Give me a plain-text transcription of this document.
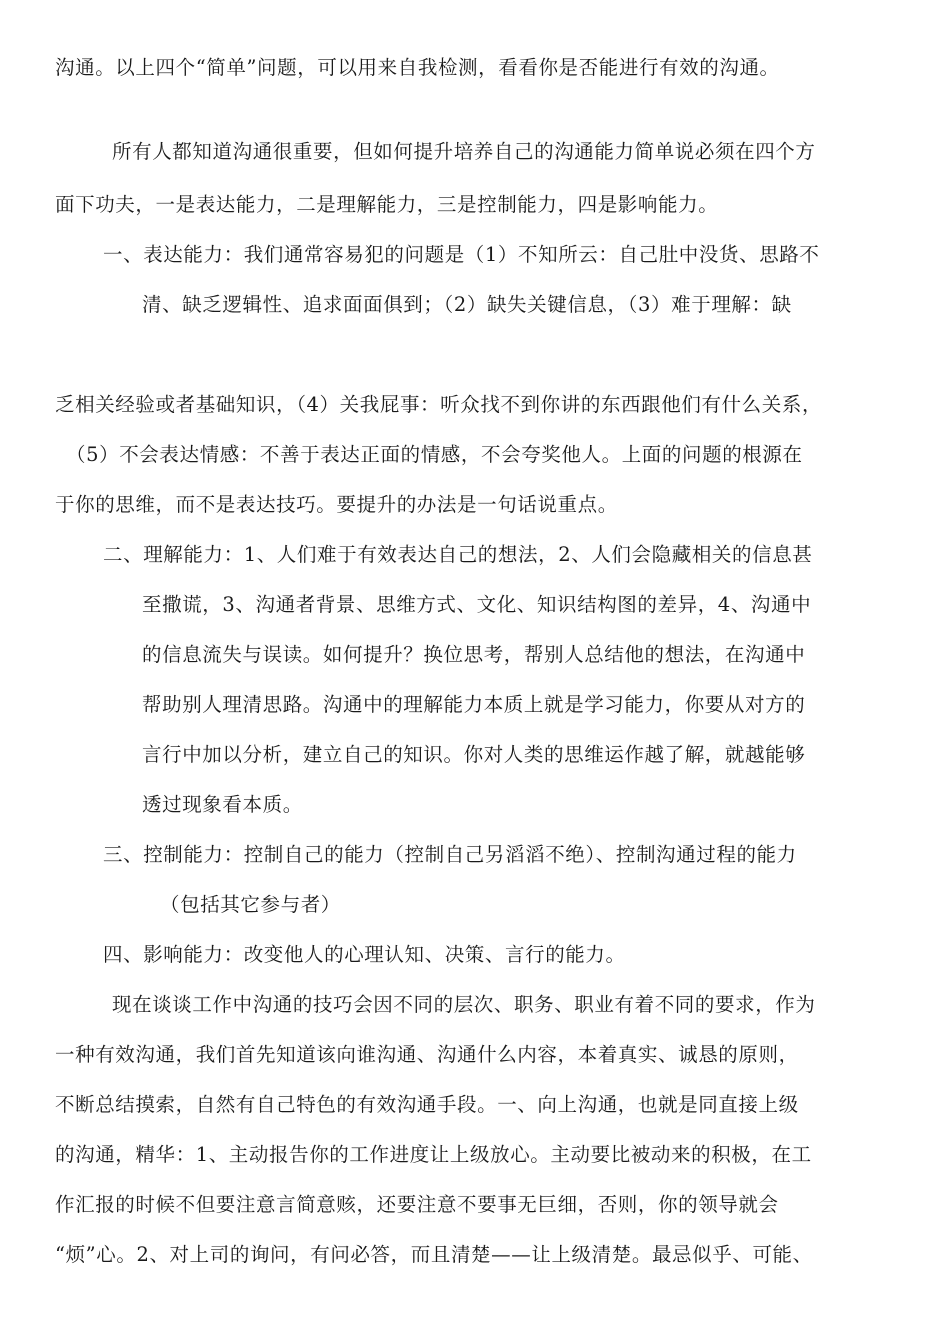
沟通。以上四个“简单”问题，可以用来自我检测，看看你是否能进行有效的沟通。
所有人都知道沟通很重要，但如何提升培养自己的沟通能力简单说必须在四个方
面下功夫，一是表达能力，二是理解能力，三是控制能力，四是影响能力。
一、表达能力：我们通常容易犯的问题是（1）不知所云：自己肚中没货、思路不
清、缺乏逻辑性、追求面面俱到；（2）缺失关键信息，（3）难于理解：缺
乏相关经验或者基础知识，（4）关我屁事：听众找不到你讲的东西跟他们有什么关系，
（5）不会表达情感：不善于表达正面的情感，不会夸奖他人。上面的问题的根源在
于你的思维，而不是表达技巧。要提升的办法是一句话说重点。
二、理解能力：1、人们难于有效表达自己的想法，2、人们会隐藏相关的信息甚
至撒谎，3、沟通者背景、思维方式、文化、知识结构图的差异，4、沟通中
的信息流失与误读。如何提升？换位思考，帮别人总结他的想法，在沟通中
帮助别人理清思路。沟通中的理解能力本质上就是学习能力，你要从对方的
言行中加以分析，建立自己的知识。你对人类的思维运作越了解，就越能够
透过现象看本质。
三、控制能力：控制自己的能力（控制自己另滔滔不绝）、控制沟通过程的能力
（包括其它参与者）
四、影响能力：改变他人的心理认知、决策、言行的能力。
现在谈谈工作中沟通的技巧会因不同的层次、职务、职业有着不同的要求，作为
一种有效沟通，我们首先知道该向谁沟通、沟通什么内容，本着真实、诚恳的原则，
不断总结摸索，自然有自己特色的有效沟通手段。一、向上沟通，也就是同直接上级
的沟通，精华：1、主动报告你的工作进度让上级放心。主动要比被动来的积极，在工
作汇报的时候不但要注意言简意赅，还要注意不要事无巨细，否则，你的领导就会
“烦”心。2、对上司的询问，有问必答，而且清楚——让上级清楚。最忌似乎、可能、
